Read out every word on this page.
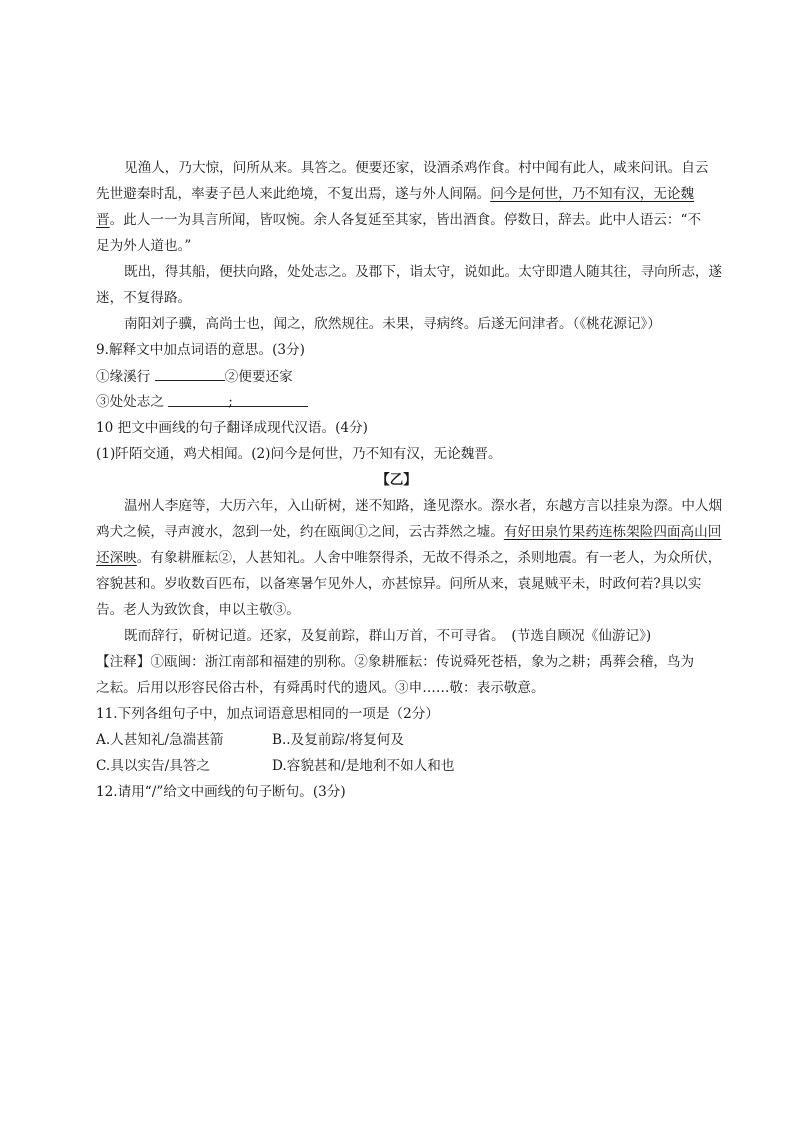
见渔人，乃大惊，问所从来。具答之。便要还家，设酒杀鸡作食。村中闻有此人，咸来问讯。自云
先世避秦时乱，率妻子邑人来此绝境，不复出焉，遂与外人间隔。问今是何世，乃不知有汉，无论魏
晋。此人一一为具言所闻，皆叹惋。余人各复延至其家，皆出酒食。停数日，辞去。此中人语云：“不
足为外人道也。”
既出，得其船，便扶向路，处处志之。及郡下，诣太守，说如此。太守即遣人随其往，寻向所志，遂
迷，不复得路。
南阳刘子骥，高尚士也，闻之，欣然规往。未果，寻病终。后遂无问津者。（《桃花源记》）
9.解释文中加点词语的意思。(3分)
①缘溪行	②便要还家
③处处志之	;
10 把文中画线的句子翻译成现代汉语。(4分)
(1)阡陌交通，鸡犬相闻。(2)问今是何世，乃不知有汉，无论魏晋。
【乙】
温州人李庭等，大历六年，入山斫树，迷不知路，逢见漈水。漈水者，东越方言以挂泉为漈。中人烟
鸡犬之候，寻声渡水，忽到一处，约在瓯闽①之间，云古莽然之墟。有好田泉竹果药连栋架险四面高山回
还深映。有象耕雁耘②，人甚知礼。人舍中唯祭得杀，无故不得杀之，杀则地震。有一老人，为众所伏，
容貌甚和。岁收数百匹布，以备寒暑乍见外人，亦甚惊异。问所从来，袁晁贼平未，时政何若?具以实
告。老人为致饮食，申以主敬③。
既而辞行，斫树记道。还家，及复前踪，群山万首，不可寻省。　(节选自顾况《仙游记》)
【注释】①瓯闽：浙江南部和福建的别称。②象耕雁耘：传说舜死苍梧，象为之耕；禹葬会稽，鸟为
之耘。后用以形容民俗古朴，有舜禹时代的遗风。③申……敬：表示敬意。
11.下列各组句子中，加点词语意思相同的一项是（2分）
A.人甚知礼/急湍甚箭	B..及复前踪/将复何及
C.具以实告/具答之	D.容貌甚和/是地利不如人和也
12.请用“/”给文中画线的句子断句。(3分)
